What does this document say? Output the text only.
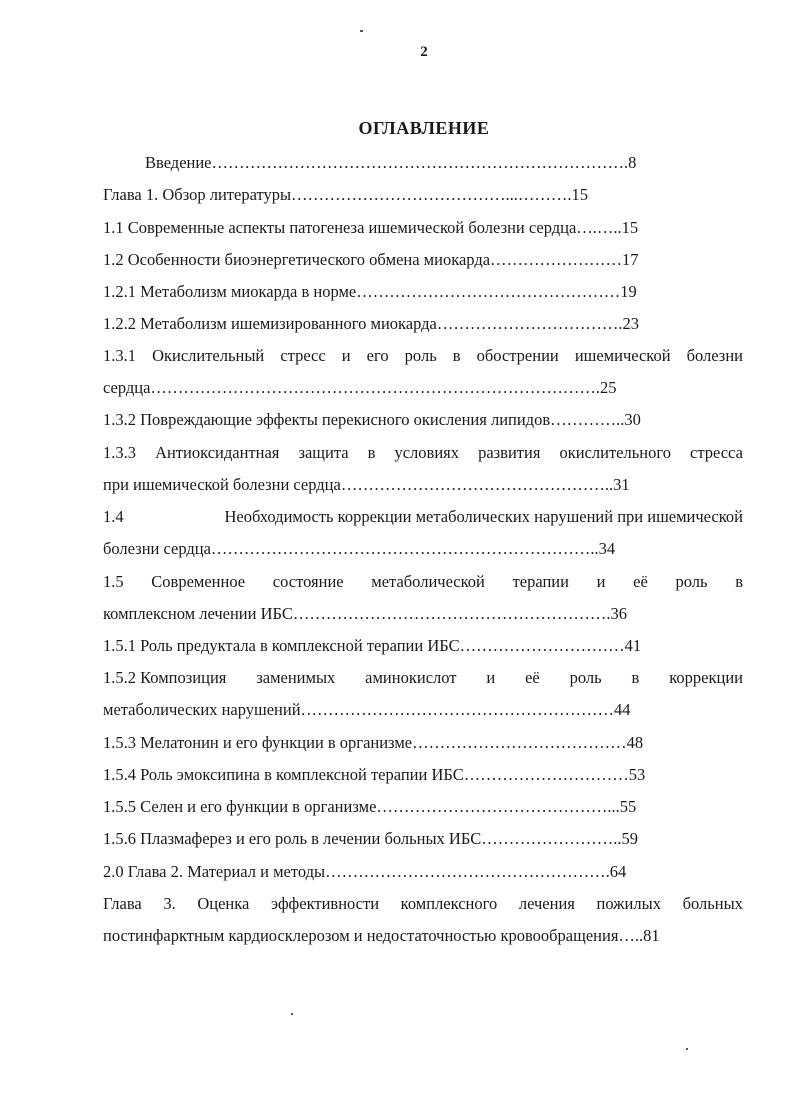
2
ОГЛАВЛЕНИЕ
Введение………………………………………………………………….8
Глава 1. Обзор литературы…………………………………...……….15
1.1 Современные аспекты патогенеза ишемической болезни сердца….…..15
1.2 Особенности биоэнергетического обмена миокарда……………………17
1.2.1 Метаболизм миокарда в норме…………………………………………19
1.2.2 Метаболизм ишемизированного миокарда…………………………….23
1.3.1 Окислительный стресс и его роль в обострении ишемической болезни
сердца……………………………………………………………………….25
1.3.2 Повреждающие эффекты перекисного окисления липидов…………..30
1.3.3 Антиоксидантная защита в условиях развития окислительного стресса
при ишемической болезни сердца…………………………………………..31
1.4	Необходимость коррекции метаболических нарушений при ишемической
болезни сердца……………………………………………………………..34
1.5 Современное состояние метаболической терапии и её роль в
комплексном лечении ИБС………………………………………………….36
1.5.1 Роль предуктала в комплексной терапии ИБС…………………………41
1.5.2 Композиция заменимых аминокислот и её роль в коррекции
метаболических нарушений…………………………………………………44
1.5.3 Мелатонин и его функции в организме…………………………………48
1.5.4 Роль эмоксипина в комплексной терапии ИБС…………………………53
1.5.5 Селен и его функции в организме……………………………………...55
1.5.6 Плазмаферез и его роль в лечении больных ИБС……………………..59
2.0 Глава 2. Материал и методы…………………………………………….64
Глава 3. Оценка эффективности комплексного лечения пожилых больных
постинфарктным кардиосклерозом и недостаточностью кровообращения…..81
